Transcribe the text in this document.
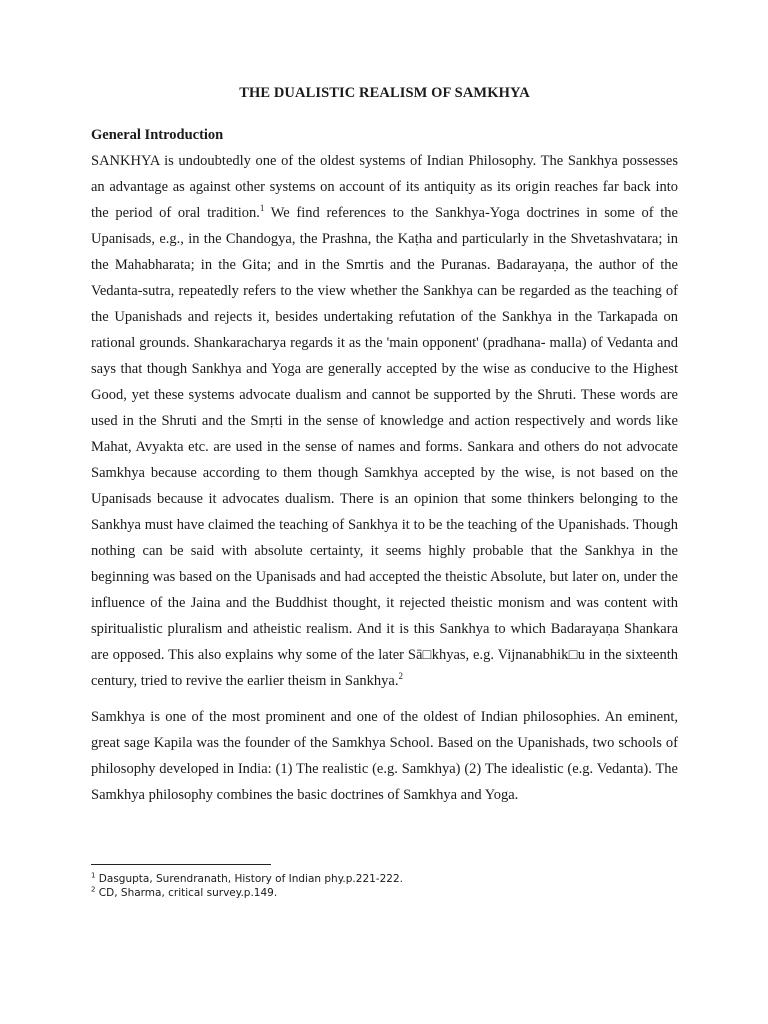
THE DUALISTIC REALISM OF SAMKHYA
General Introduction

SANKHYA is undoubtedly one of the oldest systems of Indian Philosophy. The Sankhya possesses an advantage as against other systems on account of its antiquity as its origin reaches far back into the period of oral tradition.$^1$ We find references to the Sankhya-Yoga doctrines in some of the Upanisads, e.g., in the Chandogya, the Prashna, the Kaṭha and particularly in the Shvetashvatara; in the Mahabharata; in the Gita; and in the Smrtis and the Puranas. Badarayaṇa, the author of the Vedanta-sutra, repeatedly refers to the view whether the Sankhya can be regarded as the teaching of the Upanishads and rejects it, besides undertaking refutation of the Sankhya in the Tarkapada on rational grounds. Shankaracharya regards it as the 'main opponent' (pradhana- malla) of Vedanta and says that though Sankhya and Yoga are generally accepted by the wise as conducive to the Highest Good, yet these systems advocate dualism and cannot be supported by the Shruti. These words are used in the Shruti and the Smṛti in the sense of knowledge and action respectively and words like Mahat, Avyakta etc. are used in the sense of names and forms. Sankara and others do not advocate Samkhya because according to them though Samkhya accepted by the wise, is not based on the Upanisads because it advocates dualism. There is an opinion that some thinkers belonging to the Sankhya must have claimed the teaching of Sankhya it to be the teaching of the Upanishads. Though nothing can be said with absolute certainty, it seems highly probable that the Sankhya in the beginning was based on the Upanisads and had accepted the theistic Absolute, but later on, under the influence of the Jaina and the Buddhist thought, it rejected theistic monism and was content with spiritualistic pluralism and atheistic realism. And it is this Sankhya to which Badarayaṇa Shankara are opposed. This also explains why some of the later Sā□khyas, e.g. Vijnanabhik□u in the sixteenth century, tried to revive the earlier theism in Sankhya.$^2$

Samkhya is one of the most prominent and one of the oldest of Indian philosophies. An eminent, great sage Kapila was the founder of the Samkhya School. Based on the Upanishads, two schools of philosophy developed in India: (1) The realistic (e.g. Samkhya) (2) The idealistic (e.g. Vedanta). The Samkhya philosophy combines the basic doctrines of Samkhya and Yoga.

$^1$ Dasgupta, Surendranath, History of Indian phy.p.221-222.
$^2$ CD, Sharma, critical survey.p.149.
